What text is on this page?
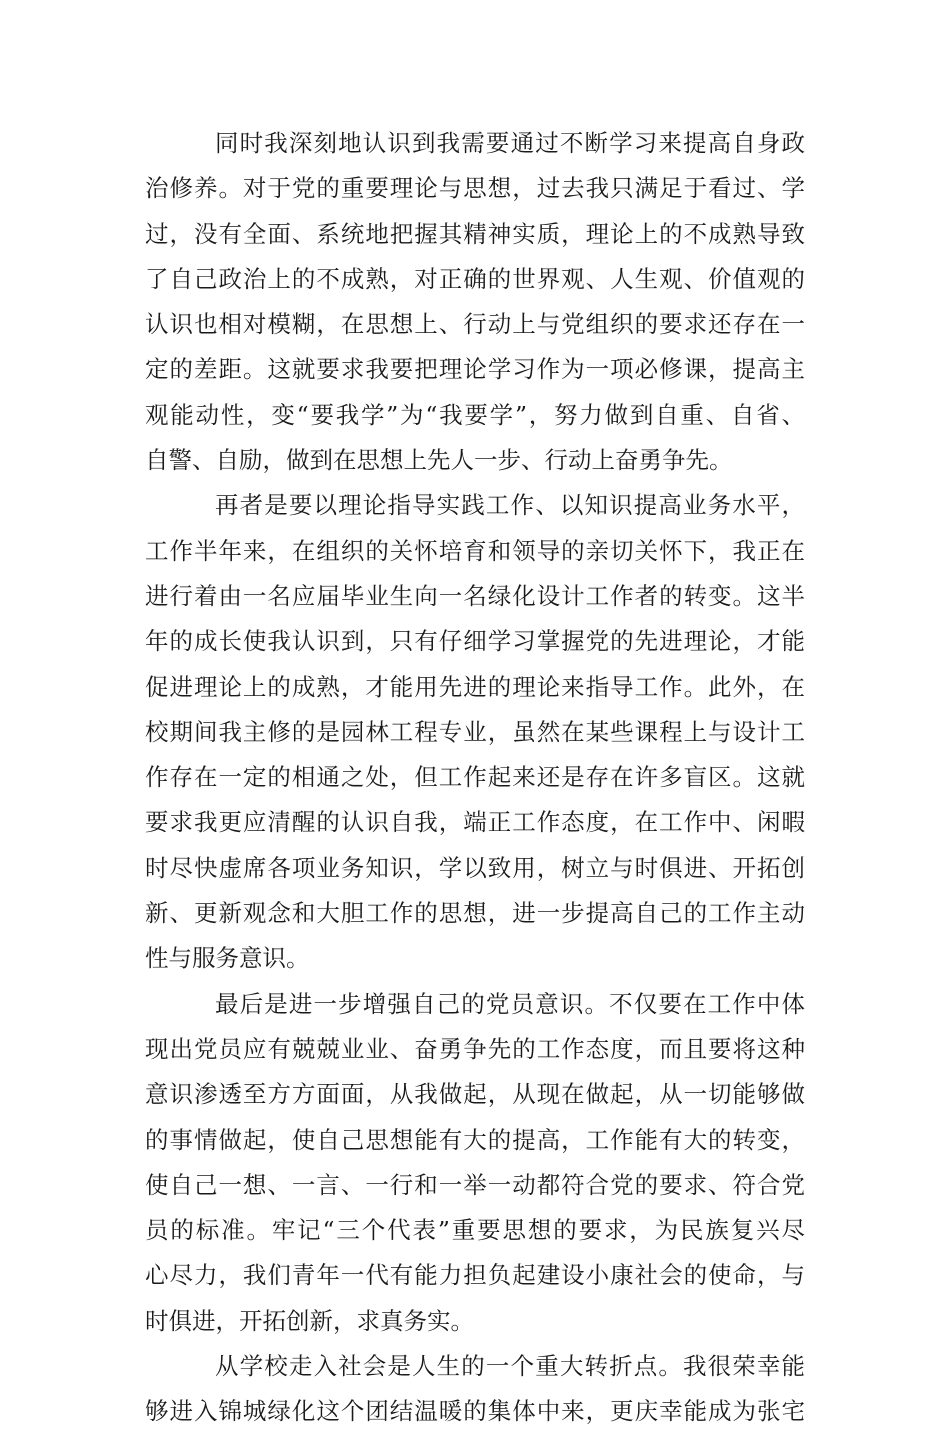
同时我深刻地认识到我需要通过不断学习来提高自身政
治修养。对于党的重要理论与思想，过去我只满足于看过、学
过，没有全面、系统地把握其精神实质，理论上的不成熟导致
了自己政治上的不成熟，对正确的世界观、人生观、价值观的
认识也相对模糊，在思想上、行动上与党组织的要求还存在一
定的差距。这就要求我要把理论学习作为一项必修课，提高主
观能动性，变“要我学”为“我要学”，努力做到自重、自省、
自警、自励，做到在思想上先人一步、行动上奋勇争先。
再者是要以理论指导实践工作、以知识提高业务水平，
工作半年来，在组织的关怀培育和领导的亲切关怀下，我正在
进行着由一名应届毕业生向一名绿化设计工作者的转变。这半
年的成长使我认识到，只有仔细学习掌握党的先进理论，才能
促进理论上的成熟，才能用先进的理论来指导工作。此外，在
校期间我主修的是园林工程专业，虽然在某些课程上与设计工
作存在一定的相通之处，但工作起来还是存在许多盲区。这就
要求我更应清醒的认识自我，端正工作态度，在工作中、闲暇
时尽快虚席各项业务知识，学以致用，树立与时俱进、开拓创
新、更新观念和大胆工作的思想，进一步提高自己的工作主动
性与服务意识。
最后是进一步增强自己的党员意识。不仅要在工作中体
现出党员应有兢兢业业、奋勇争先的工作态度，而且要将这种
意识渗透至方方面面，从我做起，从现在做起，从一切能够做
的事情做起，使自己思想能有大的提高，工作能有大的转变，
使自己一想、一言、一行和一举一动都符合党的要求、符合党
员的标准。牢记“三个代表”重要思想的要求，为民族复兴尽
心尽力，我们青年一代有能力担负起建设小康社会的使命，与
时俱进，开拓创新，求真务实。
从学校走入社会是人生的一个重大转折点。我很荣幸能
够进入锦城绿化这个团结温暖的集体中来，更庆幸能成为张宅
